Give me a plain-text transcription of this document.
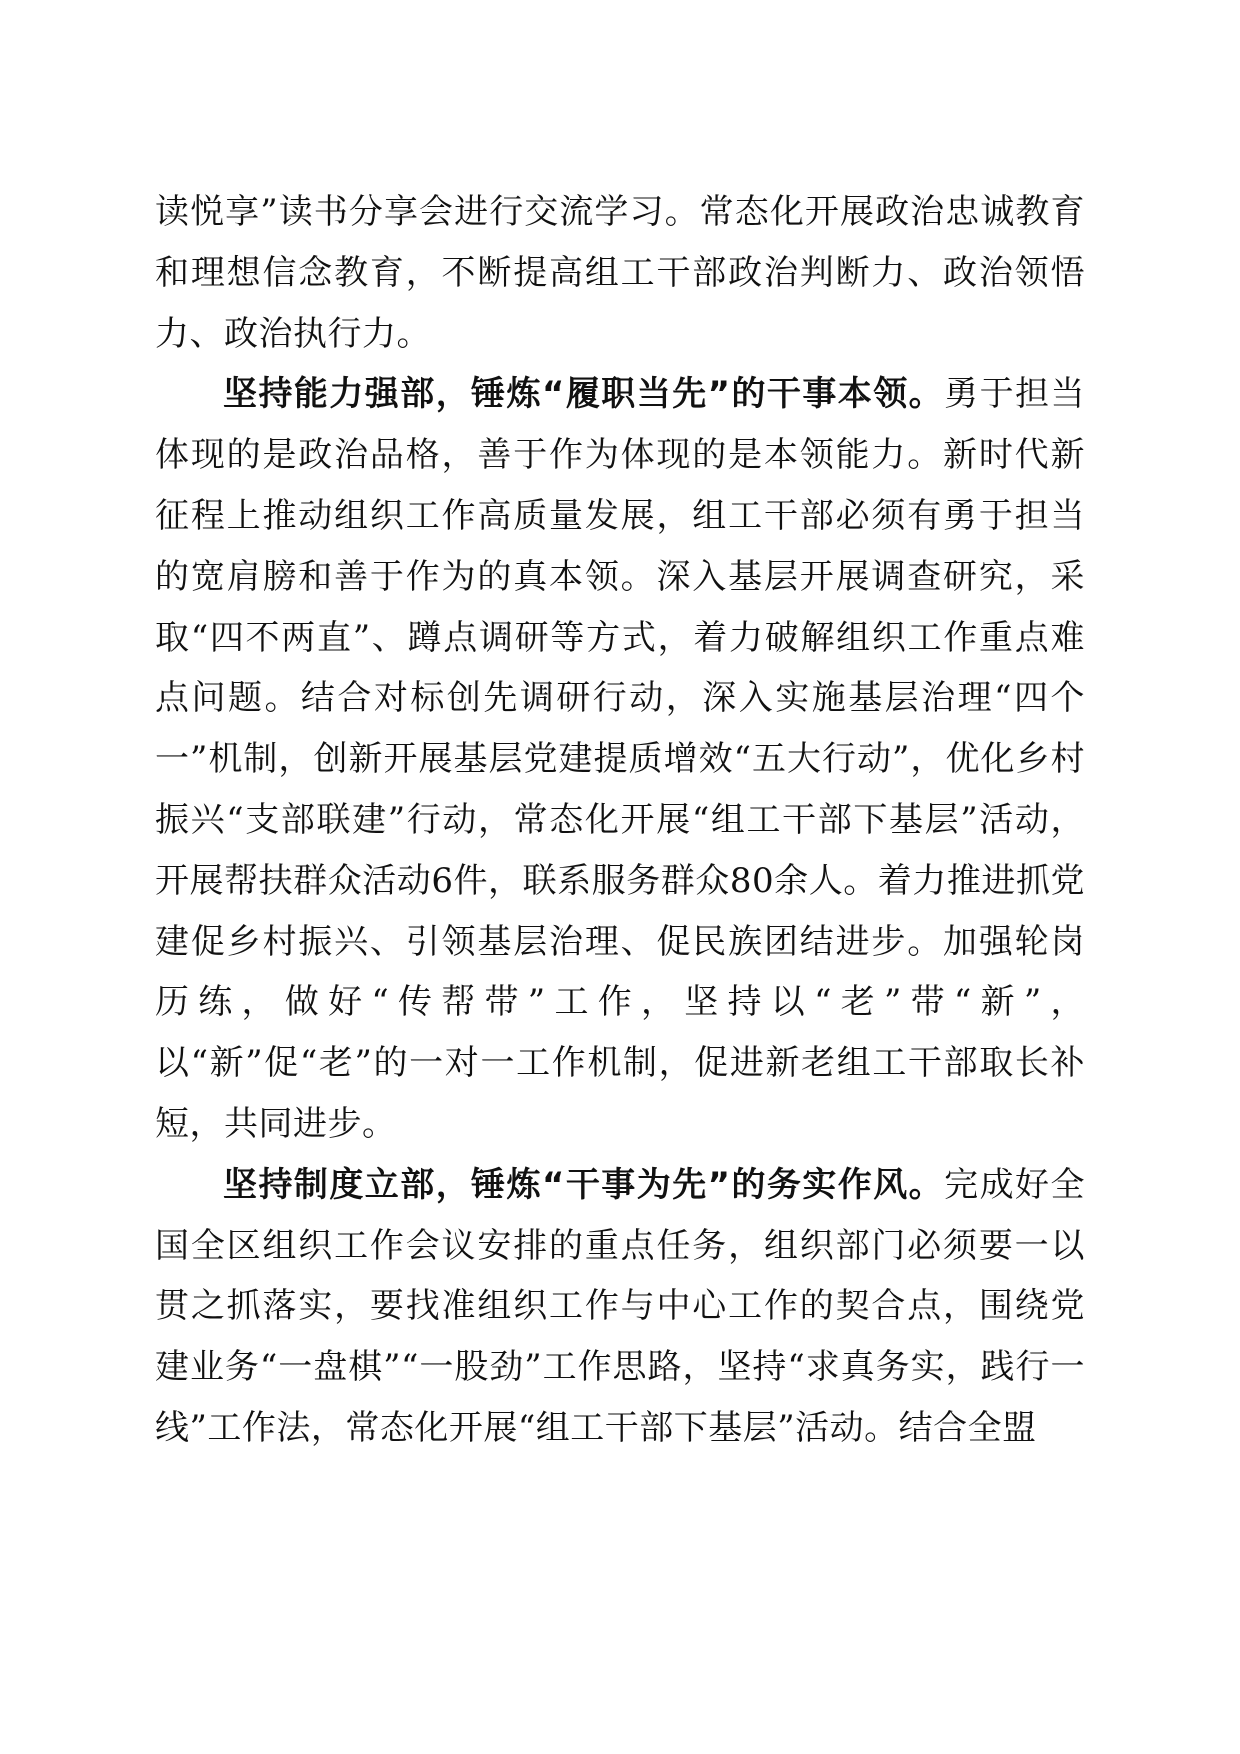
读悦享”读书分享会进行交流学习。常态化开展政治忠诚教育和理想信念教育，不断提高组工干部政治判断力、政治领悟力、政治执行力。

坚持能力强部，锤炼“履职当先”的干事本领。勇于担当体现的是政治品格，善于作为体现的是本领能力。新时代新征程上推动组织工作高质量发展，组工干部必须有勇于担当的宽肩膀和善于作为的真本领。深入基层开展调查研究，采取“四不两直”、蹲点调研等方式，着力破解组织工作重点难点问题。结合对标创先调研行动，深入实施基层治理“四个一”机制，创新开展基层党建提质增效“五大行动”，优化乡村振兴“支部联建”行动，常态化开展“组工干部下基层”活动，开展帮扶群众活动6件，联系服务群众80余人。着力推进抓党建促乡村振兴、引领基层治理、促民族团结进步。加强轮岗历练，做好“传帮带”工作，坚持以“老”带“新”，以“新”促“老”的一对一工作机制，促进新老组工干部取长补短，共同进步。

坚持制度立部，锤炼“干事为先”的务实作风。完成好全国全区组织工作会议安排的重点任务，组织部门必须要一以贯之抓落实，要找准组织工作与中心工作的契合点，围绕党建业务“一盘棋”“一股劲”工作思路，坚持“求真务实，践行一线”工作法，常态化开展“组工干部下基层”活动。结合全盟
